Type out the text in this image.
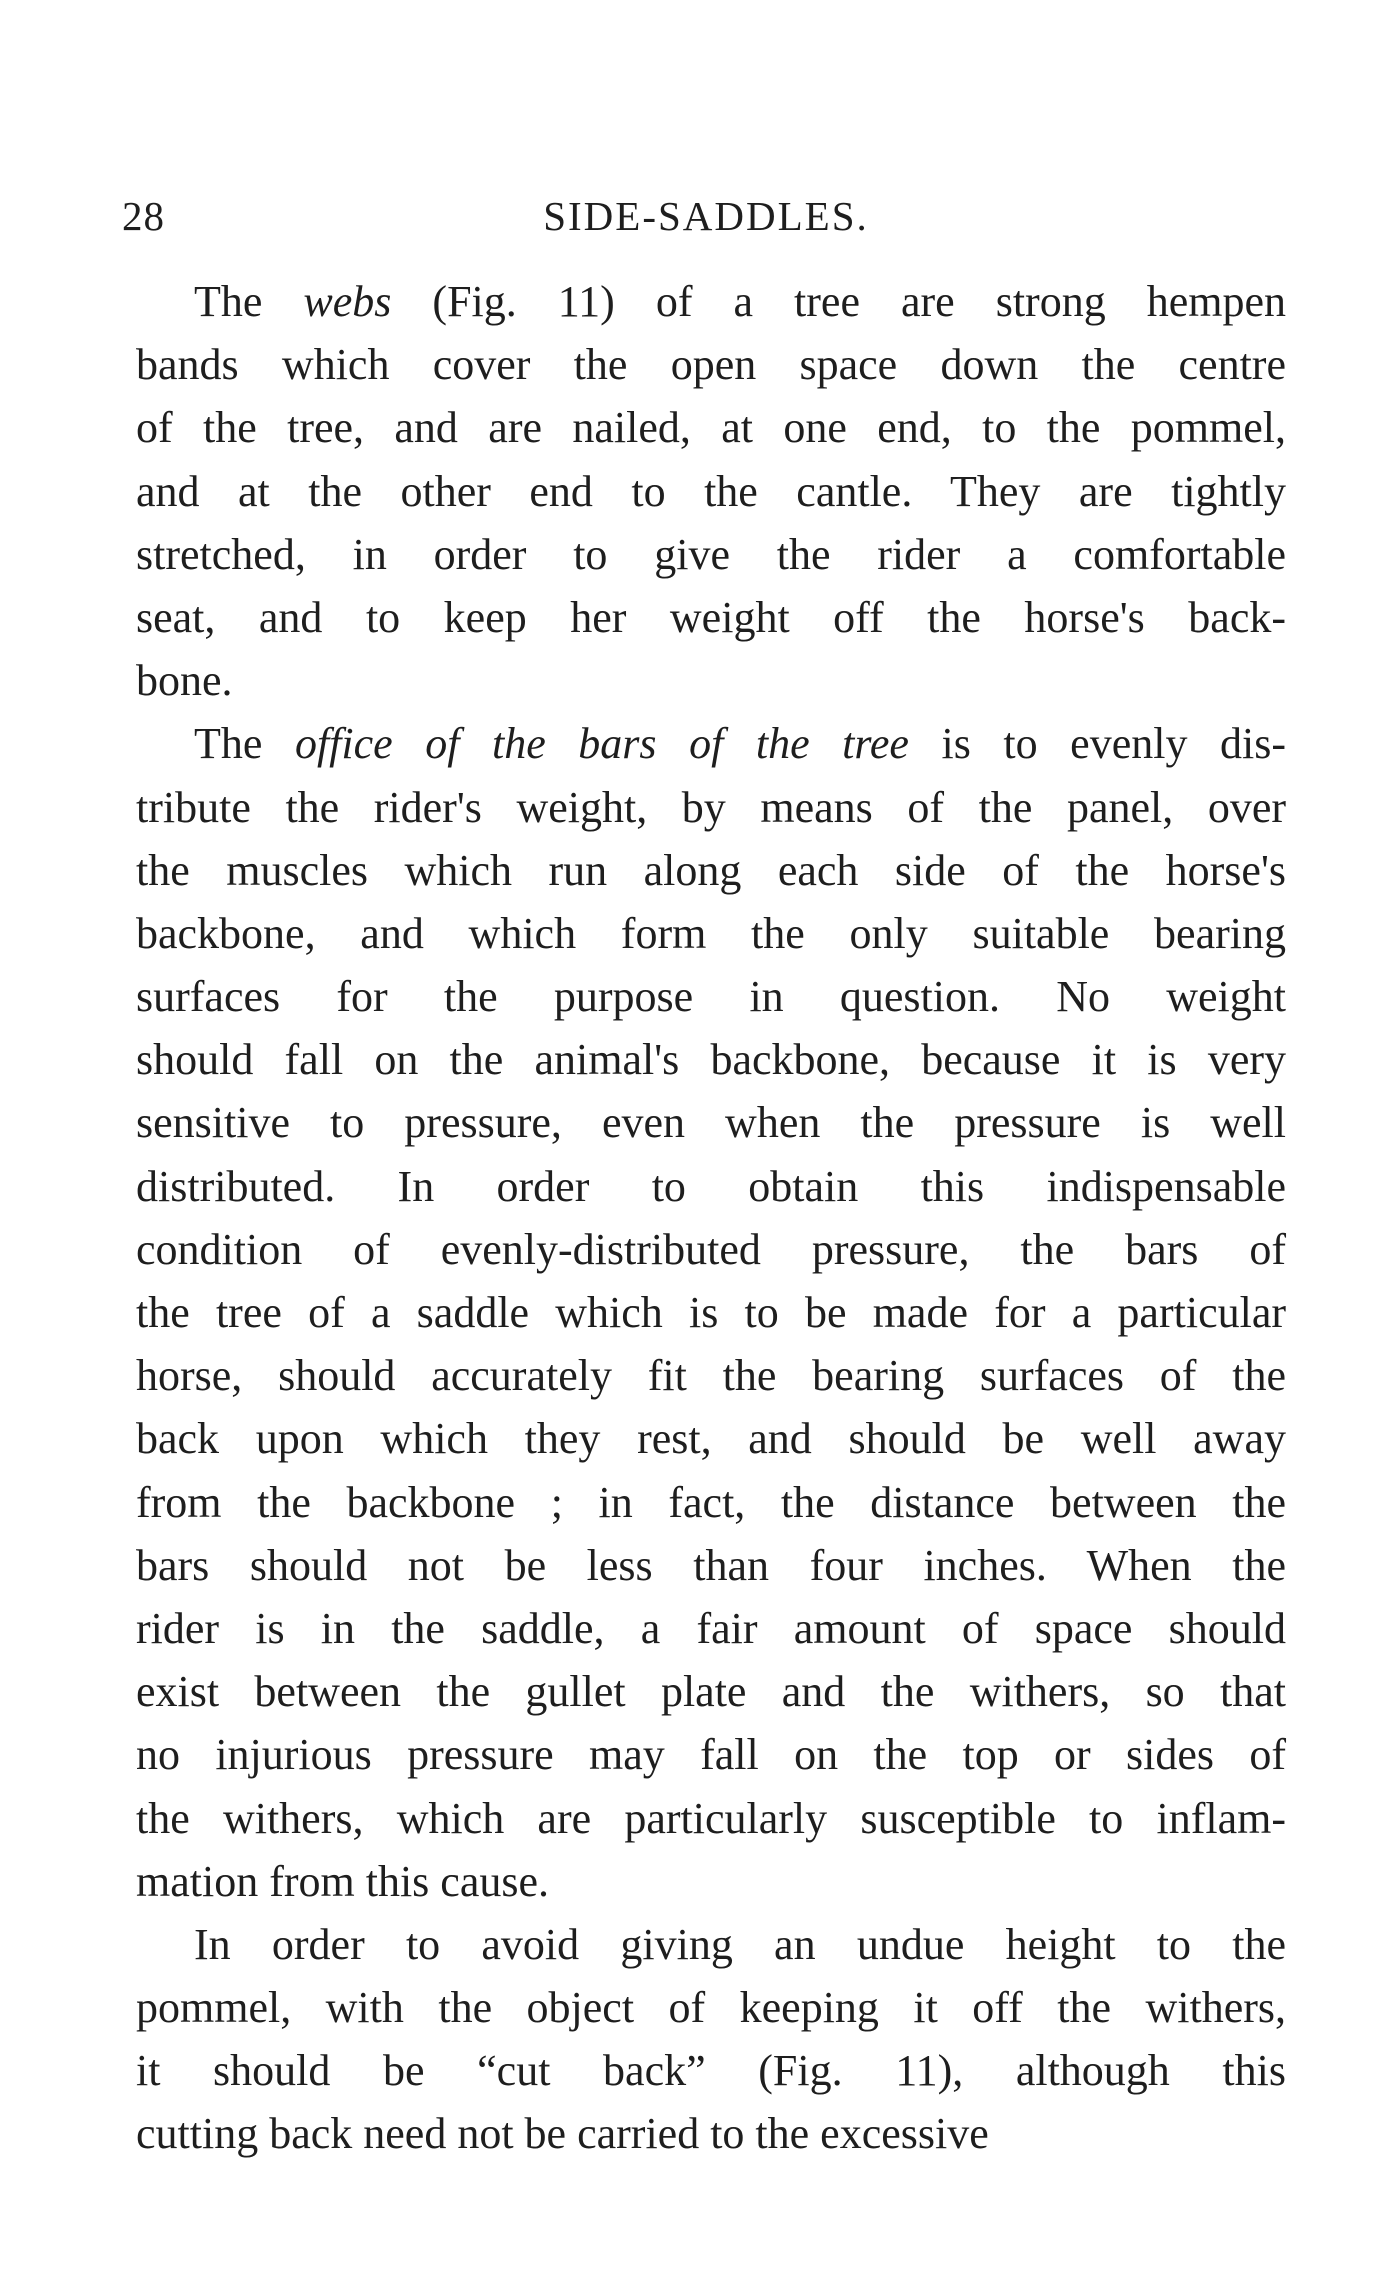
28	SIDE-SADDLES.
The webs (Fig. 11) of a tree are strong hempen
bands which cover the open space down the centre
of the tree, and are nailed, at one end, to the pommel,
and at the other end to the cantle. They are tightly
stretched, in order to give the rider a comfortable
seat, and to keep her weight off the horse's back-
bone.
The office of the bars of the tree is to evenly dis-
tribute the rider's weight, by means of the panel, over
the muscles which run along each side of the horse's
backbone, and which form the only suitable bearing
surfaces for the purpose in question. No weight
should fall on the animal's backbone, because it is very
sensitive to pressure, even when the pressure is well
distributed. In order to obtain this indispensable
condition of evenly-distributed pressure, the bars of
the tree of a saddle which is to be made for a particular
horse, should accurately fit the bearing surfaces of the
back upon which they rest, and should be well away
from the backbone ; in fact, the distance between the
bars should not be less than four inches. When the
rider is in the saddle, a fair amount of space should
exist between the gullet plate and the withers, so that
no injurious pressure may fall on the top or sides of
the withers, which are particularly susceptible to inflam-
mation from this cause.
In order to avoid giving an undue height to the
pommel, with the object of keeping it off the withers,
it should be “cut back” (Fig. 11), although this
cutting back need not be carried to the excessive
